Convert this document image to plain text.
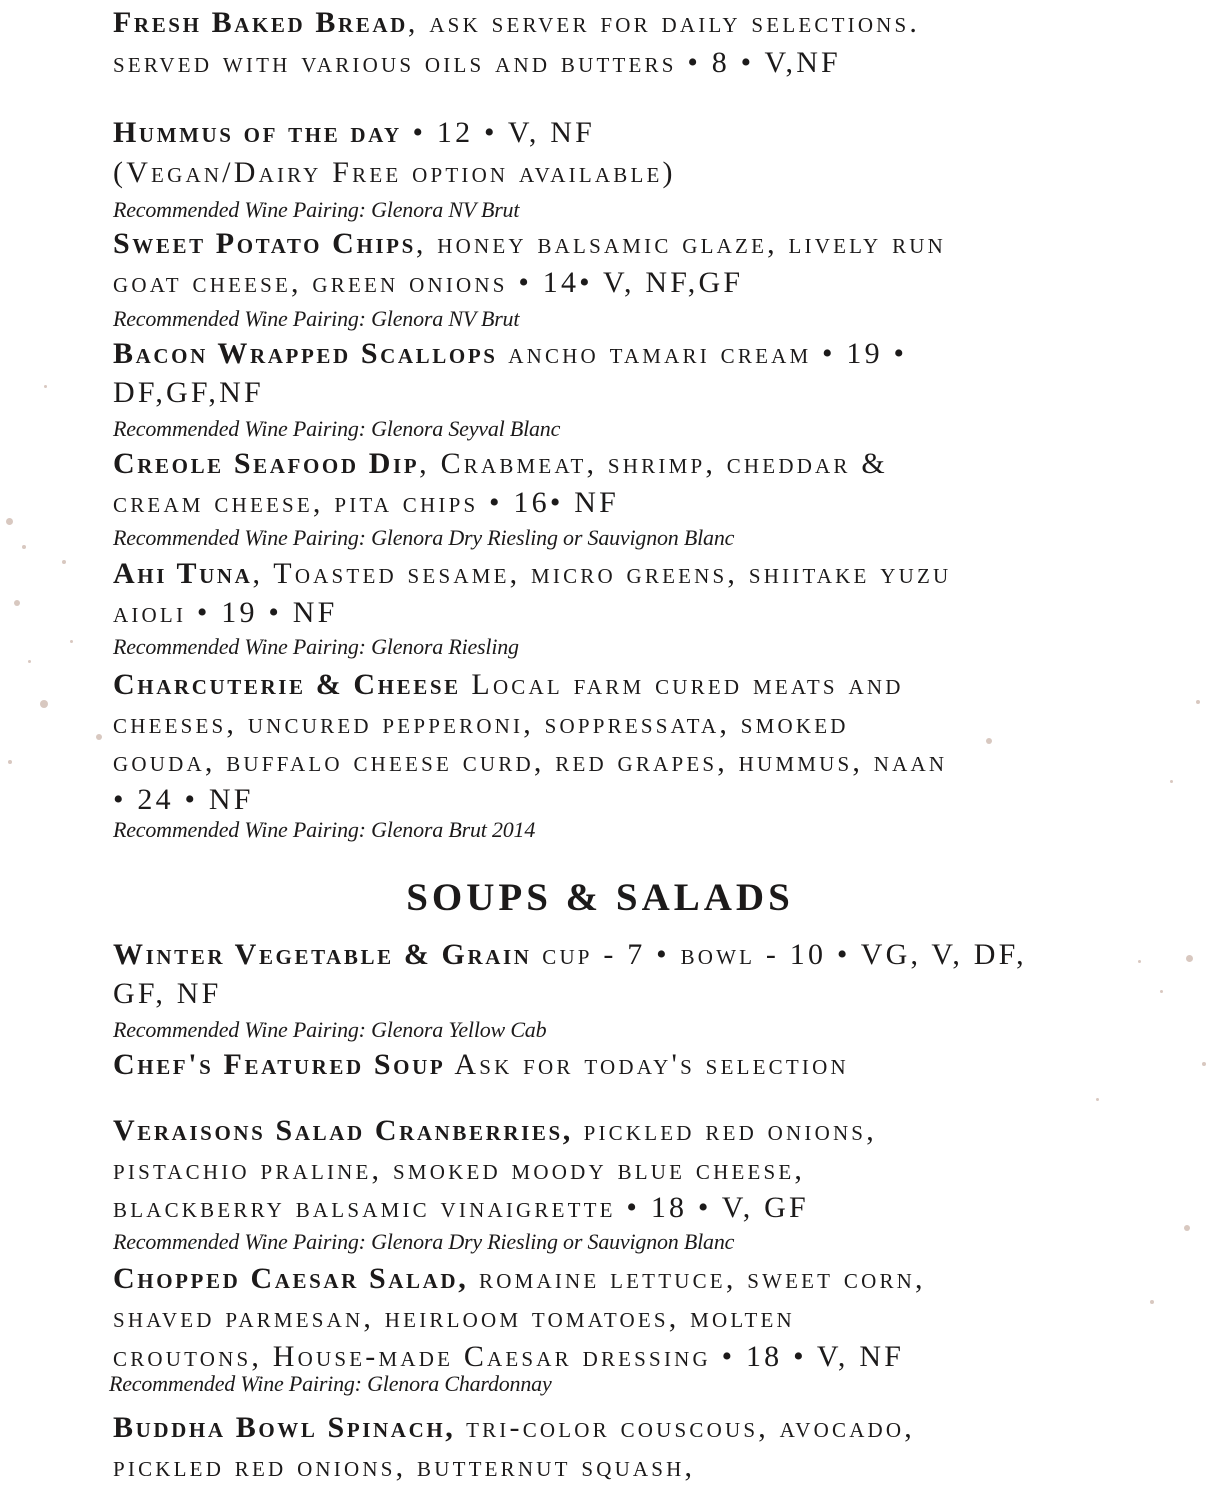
Fresh Baked Bread, ask server for daily selections.
served with various oils and butters • 8 • V,NF
Hummus of the day • 12 • V, NF
(Vegan/Dairy Free option available)
Recommended Wine Pairing: Glenora NV Brut
Sweet Potato Chips, honey balsamic glaze, lively run
goat cheese, green onions • 14• V, NF,GF
Recommended Wine Pairing: Glenora NV Brut
Bacon Wrapped Scallops ancho tamari cream • 19 •
DF,GF,NF
Recommended Wine Pairing: Glenora Seyval Blanc
Creole Seafood Dip, Crabmeat, shrimp, cheddar &
cream cheese, pita chips • 16• NF
Recommended Wine Pairing: Glenora Dry Riesling or Sauvignon Blanc
Ahi Tuna, Toasted sesame, micro greens, shiitake yuzu
aioli • 19 • NF
Recommended Wine Pairing: Glenora Riesling
Charcuterie & Cheese Local farm cured meats and
cheeses, uncured pepperoni, soppressata, smoked
gouda, buffalo cheese curd, red grapes, hummus, naan
• 24 • NF
Recommended Wine Pairing: Glenora Brut 2014
SOUPS & SALADS
Winter Vegetable & Grain cup - 7 • bowl - 10 • VG, V, DF,
GF, NF
Recommended Wine Pairing: Glenora Yellow Cab
Chef's Featured Soup Ask for today's selection
Veraisons Salad Cranberries, pickled red onions,
pistachio praline, smoked moody blue cheese,
blackberry balsamic vinaigrette • 18 • V, GF
Recommended Wine Pairing: Glenora Dry Riesling or Sauvignon Blanc
Chopped Caesar Salad, romaine lettuce, sweet corn,
shaved parmesan, heirloom tomatoes, molten
croutons, House-made Caesar dressing • 18 • V, NF
Recommended Wine Pairing: Glenora Chardonnay
Buddha Bowl Spinach, tri-color couscous, avocado,
pickled red onions, butternut squash,
